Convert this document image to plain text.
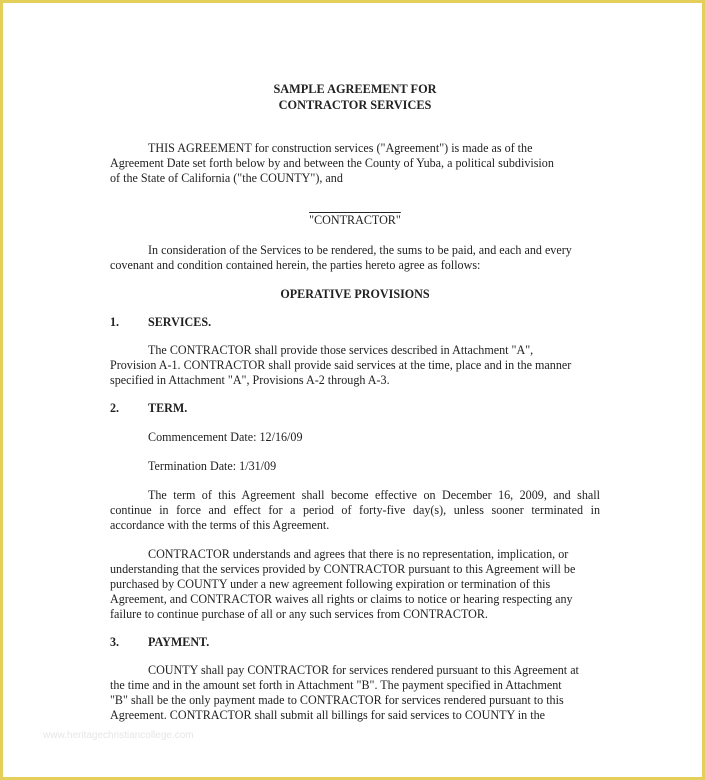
SAMPLE AGREEMENT FOR
CONTRACTOR SERVICES

THIS AGREEMENT for construction services ("Agreement") is made as of the

Agreement Date set forth below by and between the County of Yuba, a political subdivision

of the State of California ("the COUNTY"), and

"CONTRACTOR"

In consideration of the Services to be rendered, the sums to be paid, and each and every

covenant and condition contained herein, the parties hereto agree as follows:

OPERATIVE PROVISIONS

1.	SERVICES.

The CONTRACTOR shall provide those services described in Attachment "A",

Provision A-1. CONTRACTOR shall provide said services at the time, place and in the manner

specified in Attachment "A", Provisions A-2 through A-3.

2.	TERM.

Commencement Date: 12/16/09

Termination Date: 1/31/09

The term of this Agreement shall become effective on December 16, 2009, and shall

continue in force and effect for a period of forty-five day(s), unless sooner terminated in

accordance with the terms of this Agreement.

CONTRACTOR understands and agrees that there is no representation, implication, or

understanding that the services provided by CONTRACTOR pursuant to this Agreement will be

purchased by COUNTY under a new agreement following expiration or termination of this

Agreement, and CONTRACTOR waives all rights or claims to notice or hearing respecting any

failure to continue purchase of all or any such services from CONTRACTOR.

3.	PAYMENT.

COUNTY shall pay CONTRACTOR for services rendered pursuant to this Agreement at

the time and in the amount set forth in Attachment "B". The payment specified in Attachment

"B" shall be the only payment made to CONTRACTOR for services rendered pursuant to this

Agreement. CONTRACTOR shall submit all billings for said services to COUNTY in the

www.heritagechristiancollege.com
